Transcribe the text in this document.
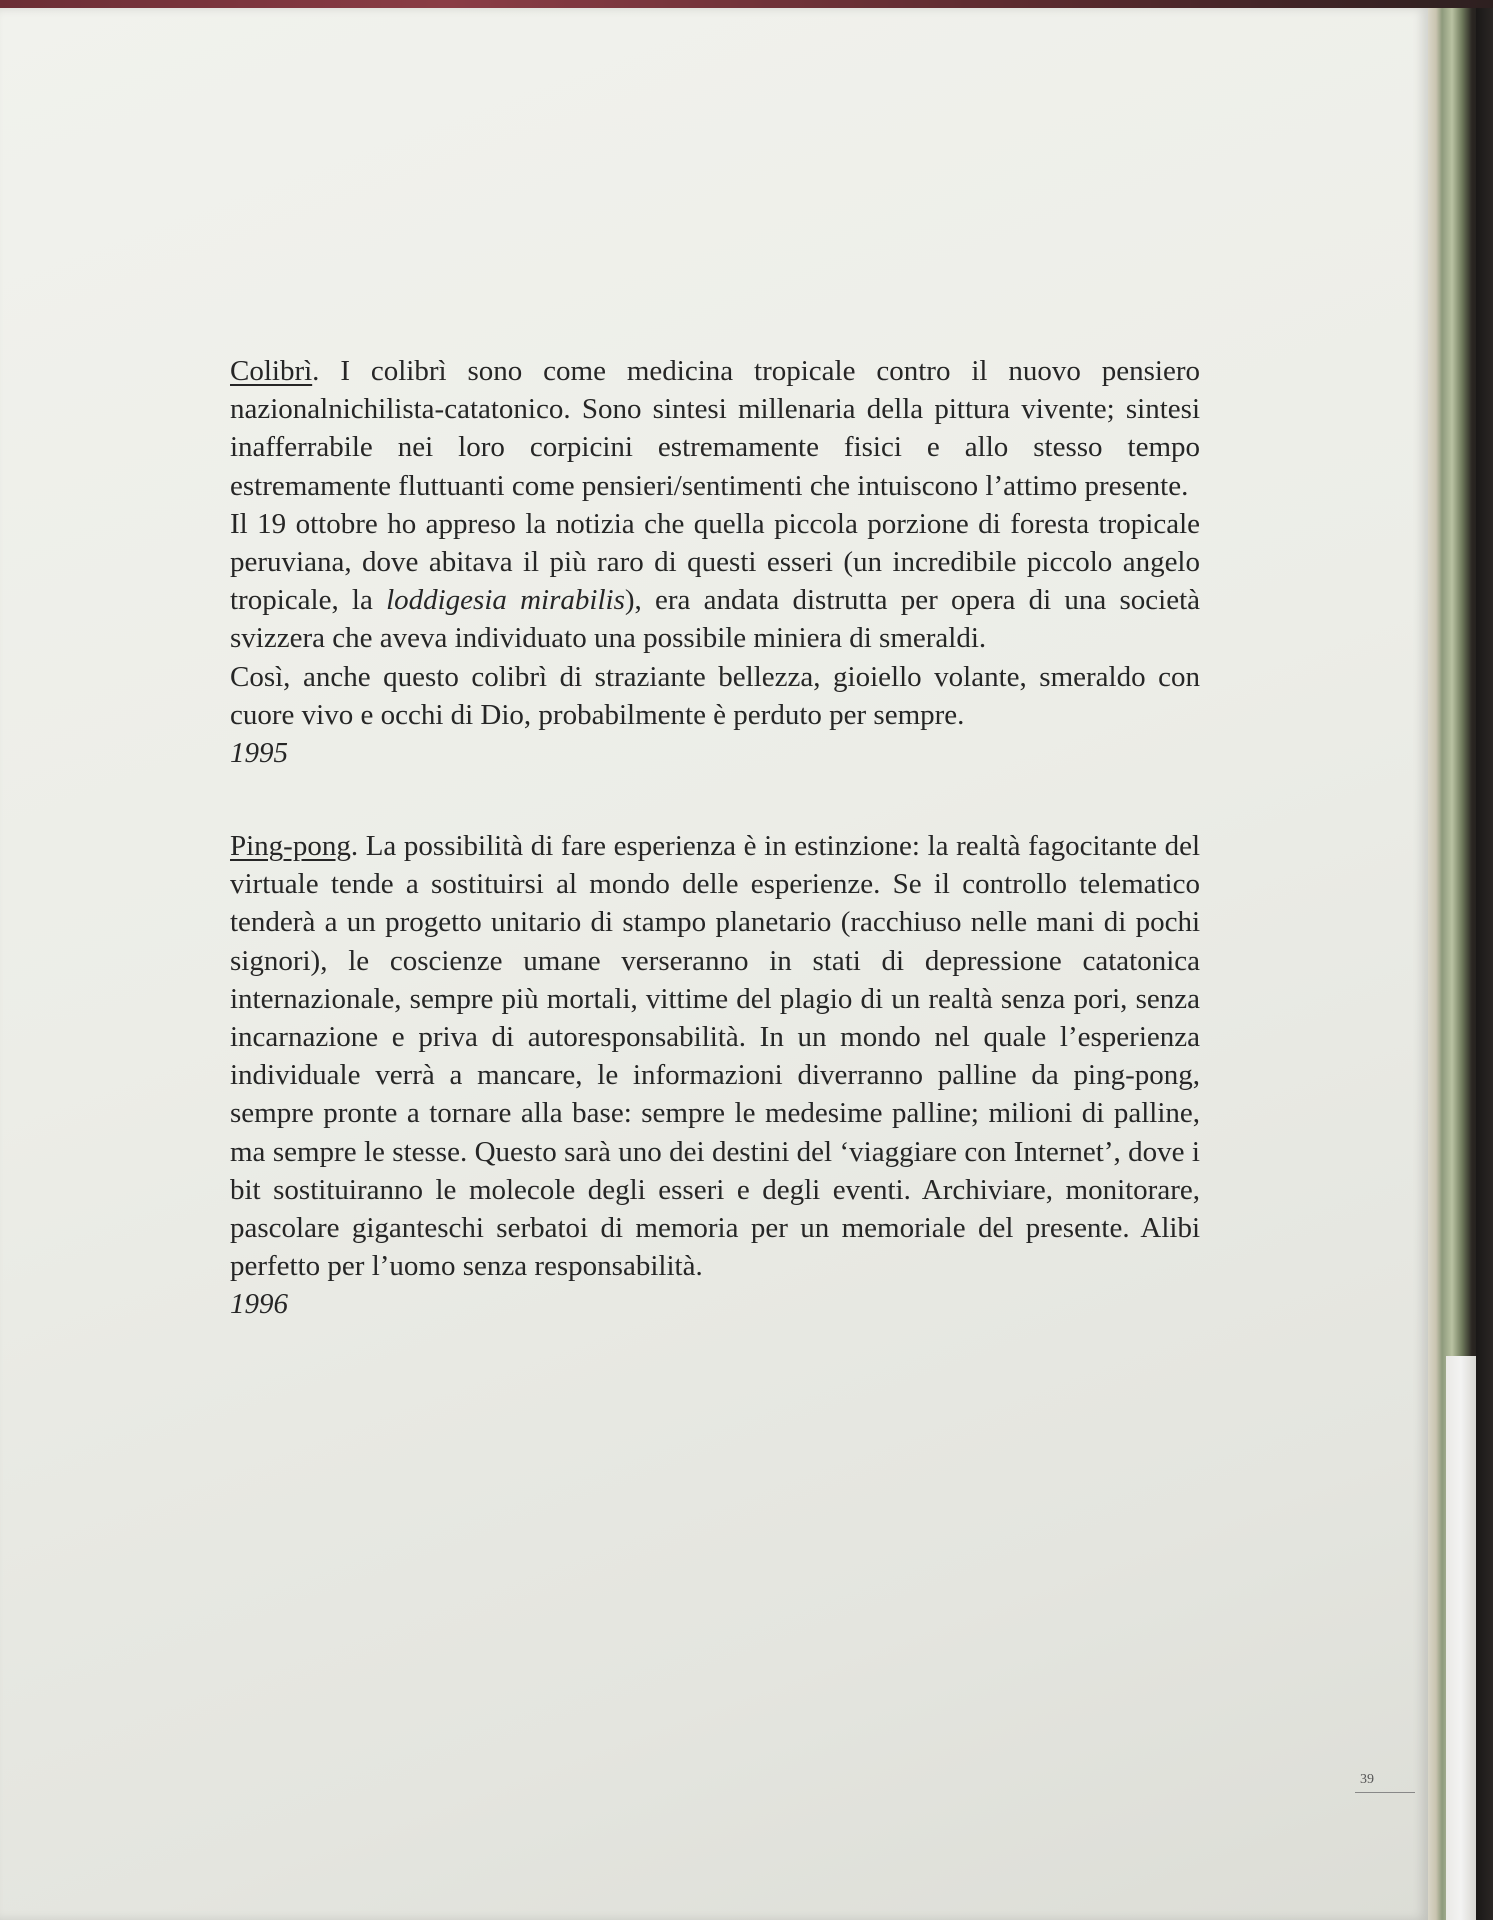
Colibrì. I colibrì sono come medicina tropicale contro il nuovo pensiero nazionalnichilista-catatonico. Sono sintesi millenaria della pittura vivente; sintesi inafferrabile nei loro corpicini estremamente fisici e allo stesso tempo estremamente fluttuanti come pensieri/sentimenti che intuiscono l’attimo presente.

Il 19 ottobre ho appreso la notizia che quella piccola porzione di foresta tropicale peruviana, dove abitava il più raro di questi esseri (un incredibile piccolo angelo tropicale, la loddigesia mirabilis), era andata distrutta per opera di una società svizzera che aveva individuato una possibile miniera di smeraldi.

Così, anche questo colibrì di straziante bellezza, gioiello volante, smeraldo con cuore vivo e occhi di Dio, probabilmente è perduto per sempre.

1995

Ping-pong. La possibilità di fare esperienza è in estinzione: la realtà fagocitante del virtuale tende a sostituirsi al mondo delle esperienze. Se il controllo telematico tenderà a un progetto unitario di stampo planetario (racchiuso nelle mani di pochi signori), le coscienze umane verseranno in stati di depressione catatonica internazionale, sempre più mortali, vittime del plagio di un realtà senza pori, senza incarnazione e priva di autoresponsabilità. In un mondo nel quale l’esperienza individuale verrà a mancare, le informazioni diverranno palline da ping-pong, sempre pronte a tornare alla base: sempre le medesime palline; milioni di palline, ma sempre le stesse. Questo sarà uno dei destini del ‘viaggiare con Internet’, dove i bit sostituiranno le molecole degli esseri e degli eventi. Archiviare, monitorare, pascolare giganteschi serbatoi di memoria per un memoriale del presente. Alibi perfetto per l’uomo senza responsabilità.

1996

39
